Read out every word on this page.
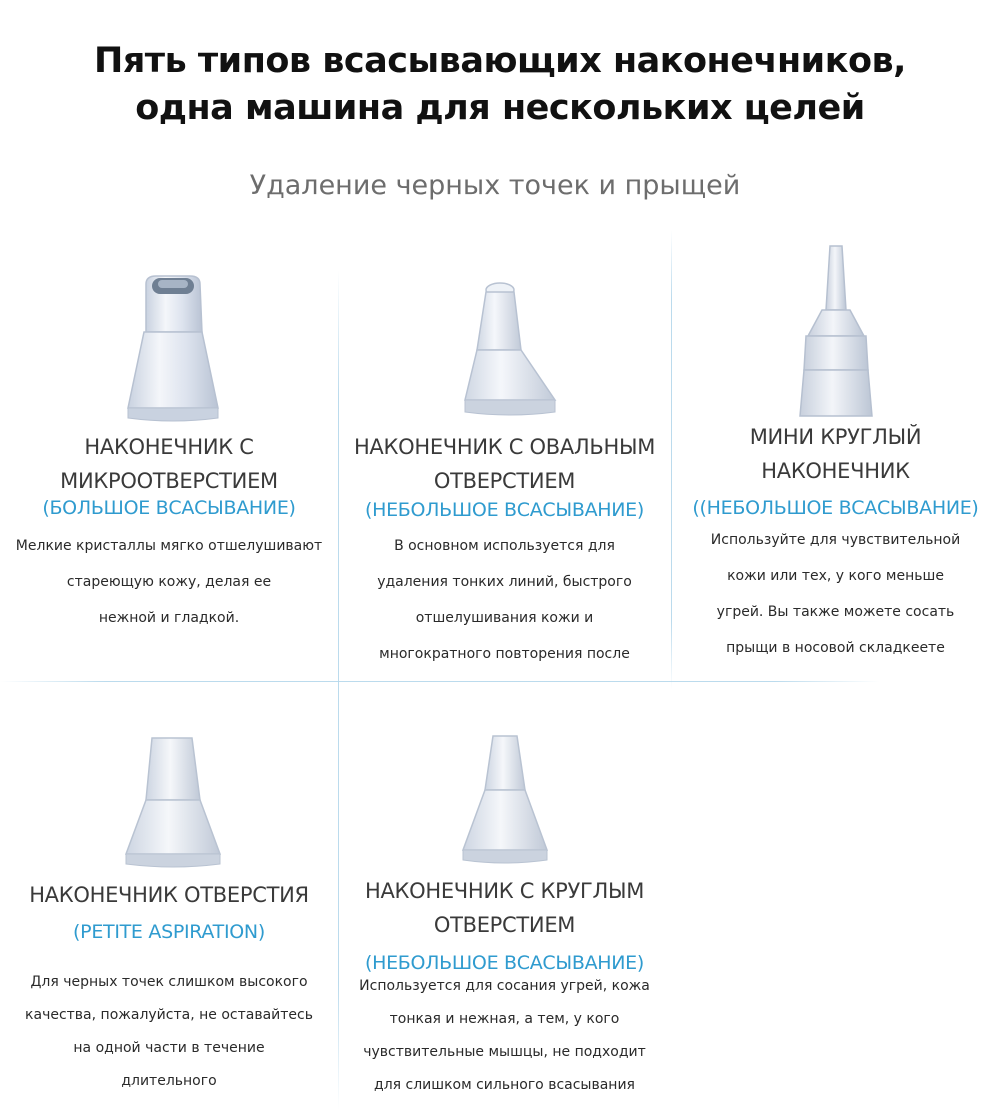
Пять типов всасывающих наконечников,
одна машина для нескольких целей
Удаление черных точек и прыщей
НАКОНЕЧНИК С
МИКРООТВЕРСТИЕМ
(БОЛЬШОЕ ВСАСЫВАНИЕ)
Мелкие кристаллы мягко отшелушивают
стареющую кожу, делая ее
нежной и гладкой.
НАКОНЕЧНИК С ОВАЛЬНЫМ
ОТВЕРСТИЕМ
(НЕБОЛЬШОЕ ВСАСЫВАНИЕ)
В основном используется для
удаления тонких линий, быстрого
отшелушивания кожи и
многократного повторения после
МИНИ КРУГЛЫЙ
НАКОНЕЧНИК
((НЕБОЛЬШОЕ ВСАСЫВАНИЕ)
Используйте для чувствительной
кожи или тех, у кого меньше
угрей. Вы также можете сосать
прыщи в носовой складкеете
НАКОНЕЧНИК ОТВЕРСТИЯ
(PETITE ASPIRATION)
Для черных точек слишком высокого
качества, пожалуйста, не оставайтесь
на одной части в течение
длительного
НАКОНЕЧНИК С КРУГЛЫМ
ОТВЕРСТИЕМ
(НЕБОЛЬШОЕ ВСАСЫВАНИЕ)
Используется для сосания угрей, кожа
тонкая и нежная, а тем, у кого
чувствительные мышцы, не подходит
для слишком сильного всасывания
